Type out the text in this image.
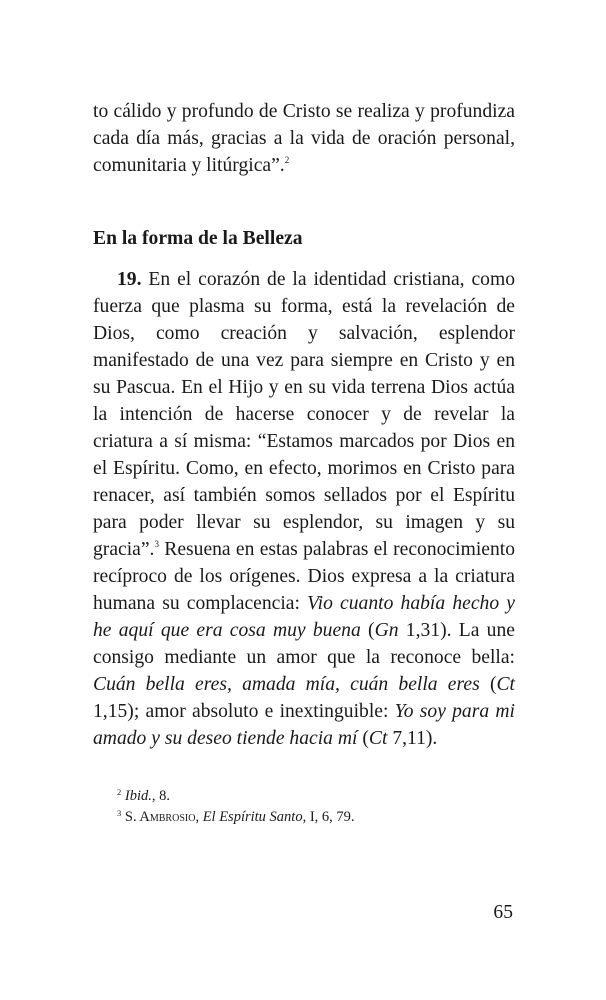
to cálido y profundo de Cristo se realiza y profundiza cada día más, gracias a la vida de oración personal, comunitaria y litúrgica”.$^2$

En la forma de la Belleza

19. En el corazón de la identidad cristiana, como fuerza que plasma su forma, está la revelación de Dios, como creación y salvación, esplendor manifestado de una vez para siempre en Cristo y en su Pascua. En el Hijo y en su vida terrena Dios actúa la intención de hacerse conocer y de revelar la criatura a sí misma: “Estamos marcados por Dios en el Espíritu. Como, en efecto, morimos en Cristo para renacer, así también somos sellados por el Espíritu para poder llevar su esplendor, su imagen y su gracia”.$^3$ Resuena en estas palabras el reconocimiento recíproco de los orígenes. Dios expresa a la criatura humana su complacencia: Vio cuanto había hecho y he aquí que era cosa muy buena (Gn 1,31). La une consigo mediante un amor que la reconoce bella: Cuán bella eres, amada mía, cuán bella eres (Ct 1,15); amor absoluto e inextinguible: Yo soy para mi amado y su deseo tiende hacia mí (Ct 7,11).

$^2$ Ibid., 8.
$^3$ S. Ambrosio, El Espíritu Santo, I, 6, 79.
65
